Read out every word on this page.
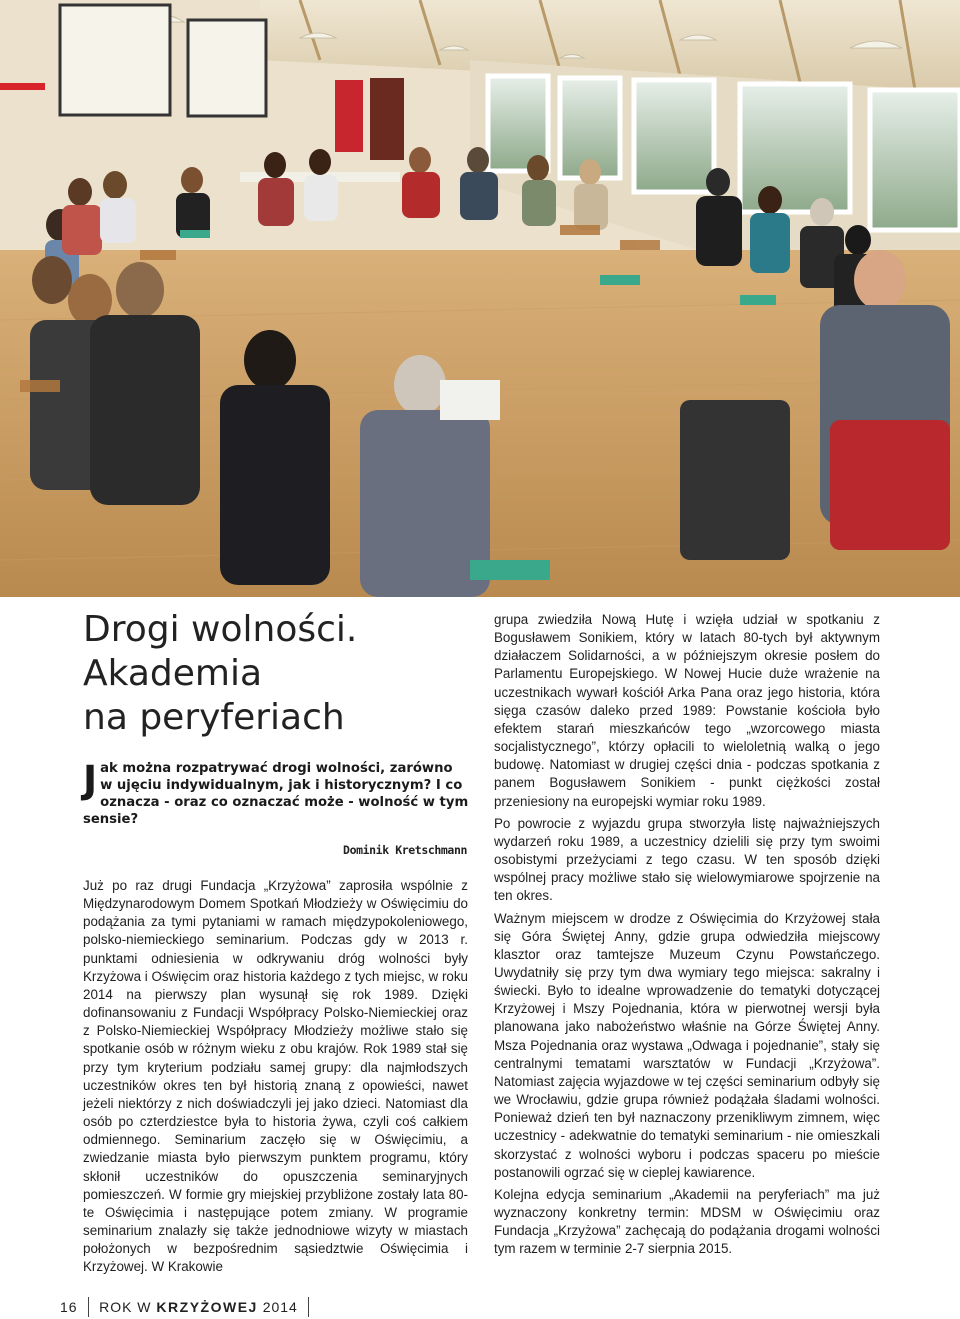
Drogi wolności.
Akademia
na peryferiach
Jak można rozpatrywać drogi wolności, zarówno w ujęciu indywidualnym, jak i historycznym? I co oznacza - oraz co oznaczać może - wolność w tym sensie?
Dominik Kretschmann

Już po raz drugi Fundacja „Krzyżowa” zaprosiła wspólnie z Międzynarodowym Domem Spotkań Młodzieży w Oświęcimiu do podążania za tymi pytaniami w ramach międzypokoleniowego, polsko-niemieckiego seminarium. Podczas gdy w 2013 r. punktami odniesienia w odkrywaniu dróg wolności były Krzyżowa i Oświęcim oraz historia każdego z tych miejsc, w roku 2014 na pierwszy plan wysunął się rok 1989. Dzięki dofinansowaniu z Fundacji Współpracy Polsko-Niemieckiej oraz z Polsko-Niemieckiej Współpracy Młodzieży możliwe stało się spotkanie osób w różnym wieku z obu krajów. Rok 1989 stał się przy tym kryterium podziału samej grupy: dla najmłodszych uczestników okres ten był historią znaną z opowieści, nawet jeżeli niektórzy z nich doświadczyli jej jako dzieci. Natomiast dla osób po czterdziestce była to historia żywa, czyli coś całkiem odmiennego. Seminarium zaczęło się w Oświęcimiu, a zwiedzanie miasta było pierwszym punktem programu, który skłonił uczestników do opuszczenia seminaryjnych pomieszczeń. W formie gry miejskiej przybliżone zostały lata 80-te Oświęcimia i następujące potem zmiany. W programie seminarium znalazły się także jednodniowe wizyty w miastach położonych w bezpośrednim sąsiedztwie Oświęcimia i Krzyżowej. W Krakowie

grupa zwiedziła Nową Hutę i wzięła udział w spotkaniu z Bogusławem Sonikiem, który w latach 80-tych był aktywnym działaczem Solidarności, a w późniejszym okresie posłem do Parlamentu Europejskiego. W Nowej Hucie duże wrażenie na uczestnikach wywarł kościół Arka Pana oraz jego historia, która sięga czasów daleko przed 1989: Powstanie kościoła było efektem starań mieszkańców tego „wzorcowego miasta socjalistycznego”, którzy opłacili to wieloletnią walką o jego budowę. Natomiast w drugiej części dnia - podczas spotkania z panem Bogusławem Sonikiem - punkt ciężkości został przeniesiony na europejski wymiar roku 1989.

Po powrocie z wyjazdu grupa stworzyła listę najważniejszych wydarzeń roku 1989, a uczestnicy dzielili się przy tym swoimi osobistymi przeżyciami z tego czasu. W ten sposób dzięki wspólnej pracy możliwe stało się wielowymiarowe spojrzenie na ten okres.

Ważnym miejscem w drodze z Oświęcimia do Krzyżowej stała się Góra Świętej Anny, gdzie grupa odwiedziła miejscowy klasztor oraz tamtejsze Muzeum Czynu Powstańczego. Uwydatniły się przy tym dwa wymiary tego miejsca: sakralny i świecki. Było to idealne wprowadzenie do tematyki dotyczącej Krzyżowej i Mszy Pojednania, która w pierwotnej wersji była planowana jako nabożeństwo właśnie na Górze Świętej Anny. Msza Pojednania oraz wystawa „Odwaga i pojednanie”, stały się centralnymi tematami warsztatów w Fundacji „Krzyżowa”. Natomiast zajęcia wyjazdowe w tej części seminarium odbyły się we Wrocławiu, gdzie grupa również podążała śladami wolności. Ponieważ dzień ten był naznaczony przenikliwym zimnem, więc uczestnicy - adekwatnie do tematyki seminarium - nie omieszkali skorzystać z wolności wyboru i podczas spaceru po mieście postanowili ogrzać się w cieplej kawiarence.

Kolejna edycja seminarium „Akademii na peryferiach” ma już wyznaczony konkretny termin: MDSM w Oświęcimiu oraz Fundacja „Krzyżowa” zachęcają do podążania drogami wolności tym razem w terminie 2-7 sierpnia 2015.

16 ROK W KRZYŻOWEJ 2014
